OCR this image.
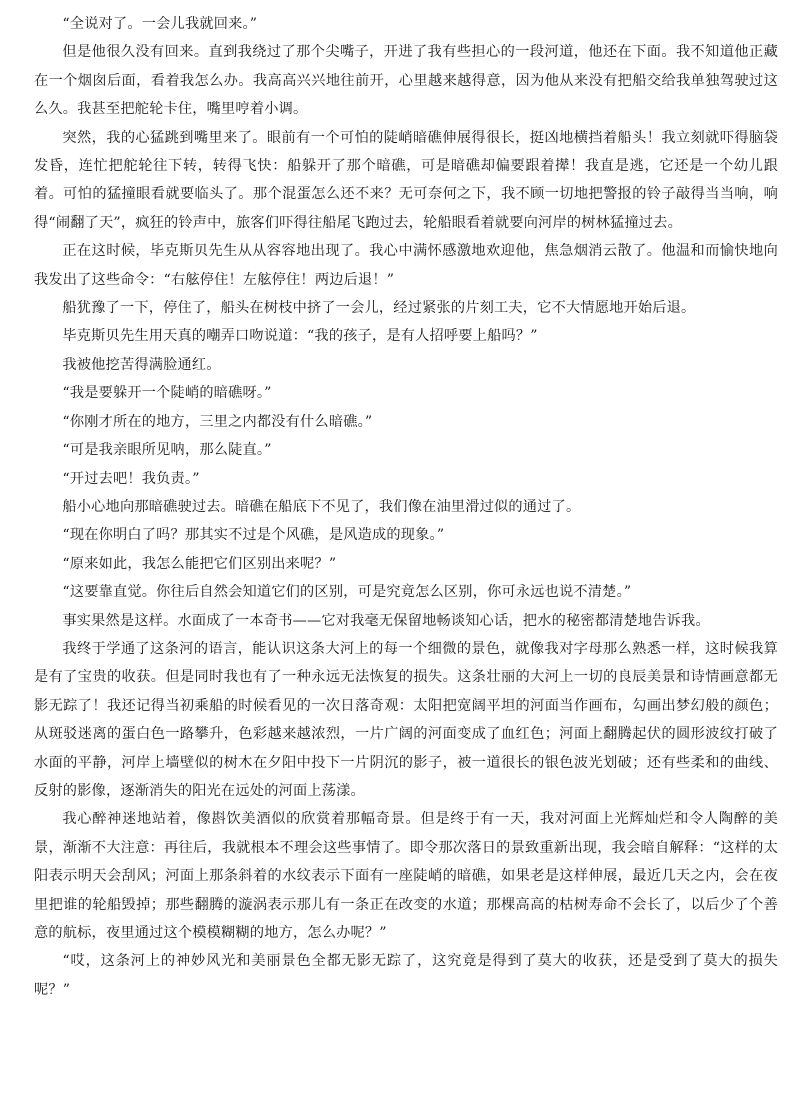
“全说对了。一会儿我就回来。”

但是他很久没有回来。直到我绕过了那个尖嘴子，开进了我有些担心的一段河道，他还在下面。我不知道他正藏在一个烟囱后面，看着我怎么办。我高高兴兴地往前开，心里越来越得意，因为他从来没有把船交给我单独驾驶过这么久。我甚至把舵轮卡住，嘴里哼着小调。

突然，我的心猛跳到嘴里来了。眼前有一个可怕的陡峭暗礁伸展得很长，挺凶地横挡着船头！我立刻就吓得脑袋发昏，连忙把舵轮往下转，转得飞快：船躲开了那个暗礁，可是暗礁却偏要跟着撵！我直是逃，它还是一个幼儿跟着。可怕的猛撞眼看就要临头了。那个混蛋怎么还不来？无可奈何之下，我不顾一切地把警报的铃子敲得当当响，响得“闹翻了天”，疯狂的铃声中，旅客们吓得往船尾飞跑过去，轮船眼看着就要向河岸的树林猛撞过去。

正在这时候，毕克斯贝先生从从容容地出现了。我心中满怀感激地欢迎他，焦急烟消云散了。他温和而愉快地向我发出了这些命令：“右舷停住！左舷停住！两边后退！”

船犹豫了一下，停住了，船头在树枝中挤了一会儿，经过紧张的片刻工夫，它不大情愿地开始后退。

毕克斯贝先生用天真的嘲弄口吻说道：“我的孩子，是有人招呼要上船吗？”

我被他挖苦得满脸通红。

“我是要躲开一个陡峭的暗礁呀。”

“你刚才所在的地方，三里之内都没有什么暗礁。”

“可是我亲眼所见呐，那么陡直。”

“开过去吧！我负责。”

船小心地向那暗礁驶过去。暗礁在船底下不见了，我们像在油里滑过似的通过了。

“现在你明白了吗？那其实不过是个风礁，是风造成的现象。”

“原来如此，我怎么能把它们区别出来呢？”

“这要靠直觉。你往后自然会知道它们的区别，可是究竟怎么区别，你可永远也说不清楚。”

事实果然是这样。水面成了一本奇书——它对我毫无保留地畅谈知心话，把水的秘密都清楚地告诉我。

我终于学通了这条河的语言，能认识这条大河上的每一个细微的景色，就像我对字母那么熟悉一样，这时候我算是有了宝贵的收获。但是同时我也有了一种永远无法恢复的损失。这条壮丽的大河上一切的良辰美景和诗情画意都无影无踪了！我还记得当初乘船的时候看见的一次日落奇观：太阳把宽阔平坦的河面当作画布，勾画出梦幻般的颜色；从斑驳迷离的蛋白色一路攀升，色彩越来越浓烈，一片广阔的河面变成了血红色；河面上翻腾起伏的圆形波纹打破了水面的平静，河岸上墙壁似的树木在夕阳中投下一片阴沉的影子，被一道很长的银色波光划破；还有些柔和的曲线、反射的影像，逐渐消失的阳光在远处的河面上荡漾。

我心醉神迷地站着，像斟饮美酒似的欣赏着那幅奇景。但是终于有一天，我对河面上光辉灿烂和令人陶醉的美景，渐渐不大注意：再往后，我就根本不理会这些事情了。即令那次落日的景致重新出现，我会暗自解释：“这样的太阳表示明天会刮风；河面上那条斜着的水纹表示下面有一座陡峭的暗礁，如果老是这样伸展，最近几天之内，会在夜里把谁的轮船毁掉；那些翻腾的漩涡表示那儿有一条正在改变的水道；那棵高高的枯树寿命不会长了，以后少了个善意的航标，夜里通过这个模模糊糊的地方，怎么办呢？”

“哎，这条河上的神妙风光和美丽景色全都无影无踪了，这究竟是得到了莫大的收获，还是受到了莫大的损失呢？”
